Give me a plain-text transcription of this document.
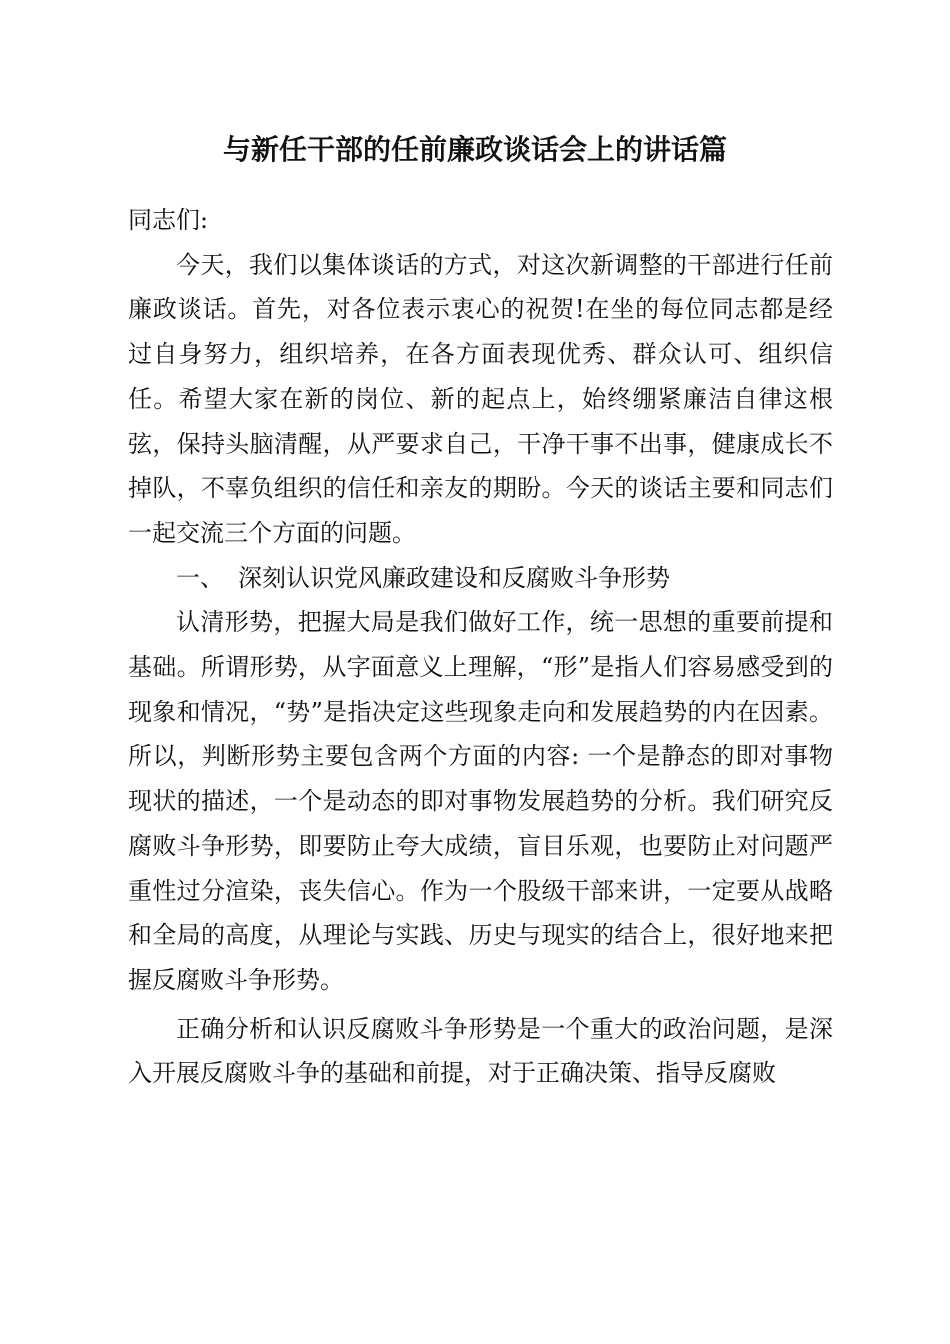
与新任干部的任前廉政谈话会上的讲话篇

同志们:

今天，我们以集体谈话的方式，对这次新调整的干部进行任前廉政谈话。首先，对各位表示衷心的祝贺!在坐的每位同志都是经过自身努力，组织培养，在各方面表现优秀、群众认可、组织信任。希望大家在新的岗位、新的起点上，始终绷紧廉洁自律这根弦，保持头脑清醒，从严要求自己，干净干事不出事，健康成长不掉队，不辜负组织的信任和亲友的期盼。今天的谈话主要和同志们一起交流三个方面的问题。

一、 深刻认识党风廉政建设和反腐败斗争形势

认清形势，把握大局是我们做好工作，统一思想的重要前提和基础。所谓形势，从字面意义上理解，“形”是指人们容易感受到的现象和情况，“势”是指决定这些现象走向和发展趋势的内在因素。所以，判断形势主要包含两个方面的内容: 一个是静态的即对事物现状的描述，一个是动态的即对事物发展趋势的分析。我们研究反腐败斗争形势，即要防止夸大成绩，盲目乐观，也要防止对问题严重性过分渲染，丧失信心。作为一个股级干部来讲，一定要从战略和全局的高度，从理论与实践、历史与现实的结合上，很好地来把握反腐败斗争形势。

正确分析和认识反腐败斗争形势是一个重大的政治问题，是深入开展反腐败斗争的基础和前提，对于正确决策、指导反腐败
